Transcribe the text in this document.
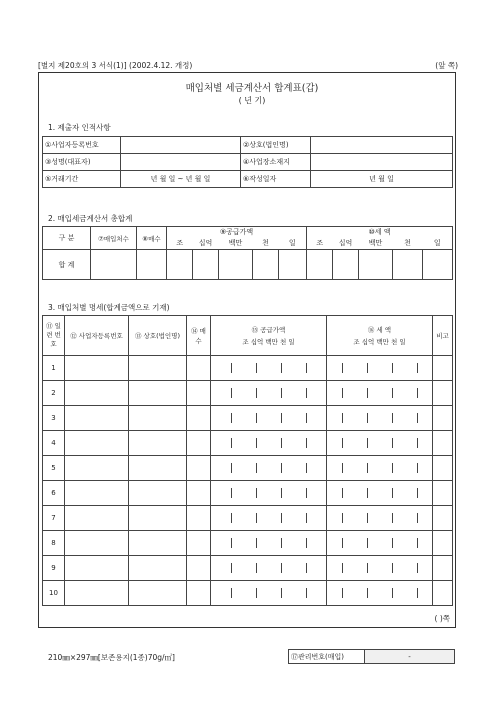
[별지 제20호의 3 서식(1)] (2002.4.12. 개정)	(앞 쪽)
매입처별 세금계산서 합계표(갑)
( 년 기)
1. 제출자 인적사항
①사업자등록번호		②상호(법인명)	
③성명(대표자)		④사업장소재지	
⑤거래기간	년 월 일 ~ 년 월 일	⑥작성일자	년 월 일
2. 매입세금계산서 총합계
구 분	⑦매입처수	⑧매수	⑨공급가액					⑩세 액				
			조	십억	백만	천	일	조	십억	백만	천	일
합 계												
3. 매입처별 명세(합계금액으로 기재)
⑪ 일련 번호	⑫ 사업자등록번호	⑬ 상호(법인명)	⑭ 매수	⑮ 공급가액
조 십억 백만 천 일	⑯ 세 액
조 십억 백만 천 일	비고
1						
2						
3						
4						
5						
6						
7						
8						
9						
10						
( )쪽
210㎜×297㎜[보존용지(1종)70g/㎡]	⑰관리번호(매입)	-
